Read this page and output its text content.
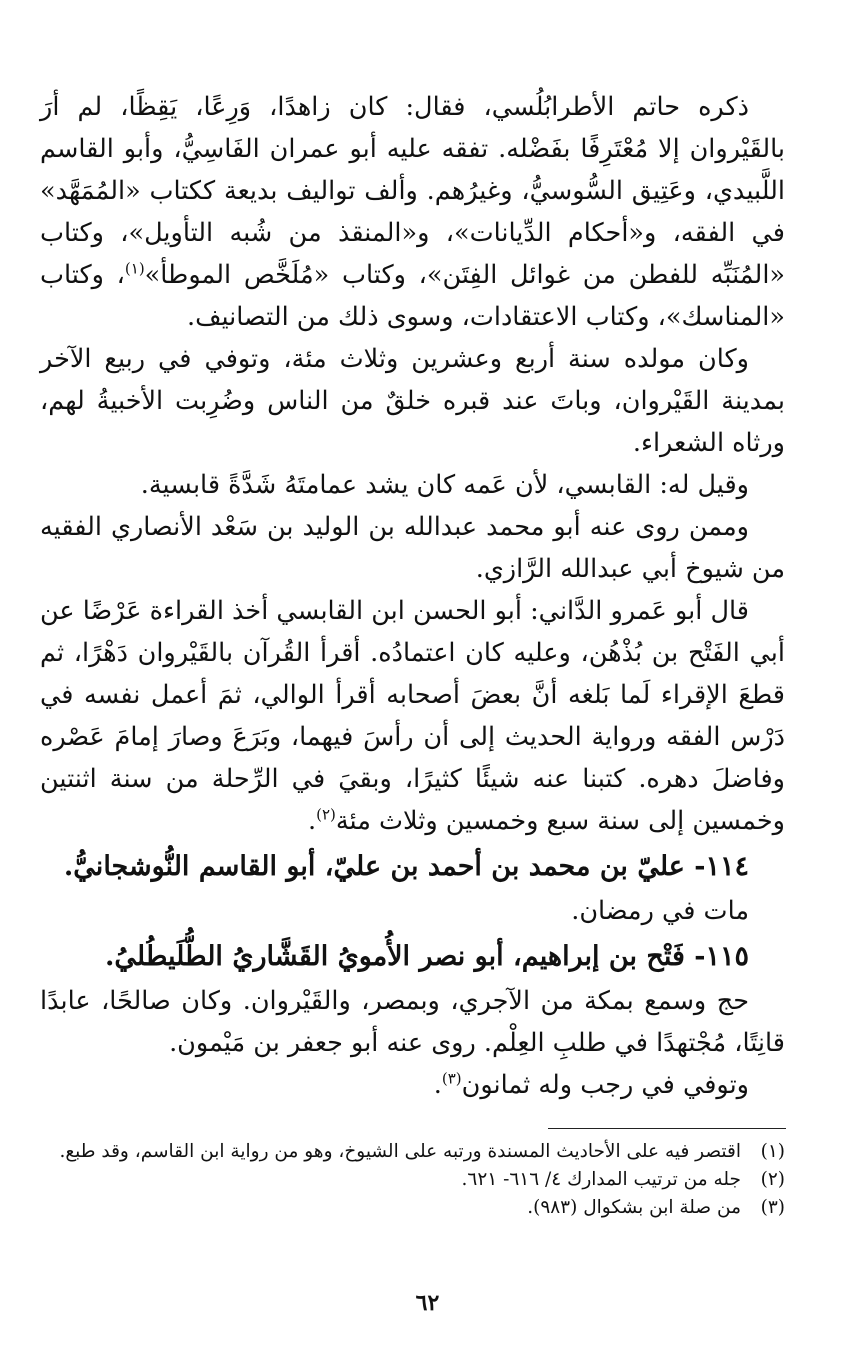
ذكره حاتم الأطرابُلُسي، فقال: كان زاهدًا، وَرِعًا، يَقِظًا، لم أرَ بالقَيْروان إلا مُعْتَرِفًا بفَضْله. تفقه عليه أبو عمران الفَاسِيُّ، وأبو القاسم اللَّبيدي، وعَتِيق السُّوسيُّ، وغيرُهم. وألف تواليف بديعة ككتاب «المُمَهَّد» في الفقه، و«أحكام الدِّيانات»، و«المنقذ من شُبه التأويل»، وكتاب «المُنَبِّه للفطن من غوائل الفِتَن»، وكتاب «مُلَخَّص الموطأ»$^{(١)}$، وكتاب «المناسك»، وكتاب الاعتقادات، وسوى ذلك من التصانيف.

وكان مولده سنة أربع وعشرين وثلاث مئة، وتوفي في ربيع الآخر بمدينة القَيْروان، وباتَ عند قبره خلقٌ من الناس وضُرِبت الأخبيةُ لهم، ورثاه الشعراء.

وقيل له: القابسي، لأن عَمه كان يشد عمامتَهُ شَدَّةً قابسية.

وممن روى عنه أبو محمد عبدالله بن الوليد بن سَعْد الأنصاري الفقيه من شيوخ أبي عبدالله الرَّازي.

قال أبو عَمرو الدَّاني: أبو الحسن ابن القابسي أخذ القراءة عَرْضًا عن أبي الفَتْح بن بُذْهُن، وعليه كان اعتمادُه. أقرأ القُرآن بالقَيْروان دَهْرًا، ثم قطعَ الإقراء لَما بَلغه أنَّ بعضَ أصحابه أقرأ الوالي، ثمَ أعمل نفسه في دَرْس الفقه ورواية الحديث إلى أن رأسَ فيهما، وبَرَعَ وصارَ إمامَ عَصْره وفاضلَ دهره. كتبنا عنه شيئًا كثيرًا، وبقيَ في الرِّحلة من سنة اثنتين وخمسين إلى سنة سبع وخمسين وثلاث مئة$^{(٢)}$.

١١٤- عليّ بن محمد بن أحمد بن عليّ، أبو القاسم النُّوشجانيُّ.

مات في رمضان.

١١٥- فَتْح بن إبراهيم، أبو نصر الأُمويُ القَشَّاريُ الطُّلَيطُليُ.

حج وسمع بمكة من الآجري، وبمصر، والقَيْروان. وكان صالحًا، عابدًا قانِتًا، مُجْتهدًا في طلبِ العِلْم. روى عنه أبو جعفر بن مَيْمون.

وتوفي في رجب وله ثمانون$^{(٣)}$.

(١)
اقتصر فيه على الأحاديث المسندة ورتبه على الشيوخ، وهو من رواية ابن القاسم، وقد طبع.
(٢)
جله من ترتيب المدارك ٤/ ٦١٦- ٦٢١.
(٣)
من صلة ابن بشكوال (٩٨٣).
٦٢
